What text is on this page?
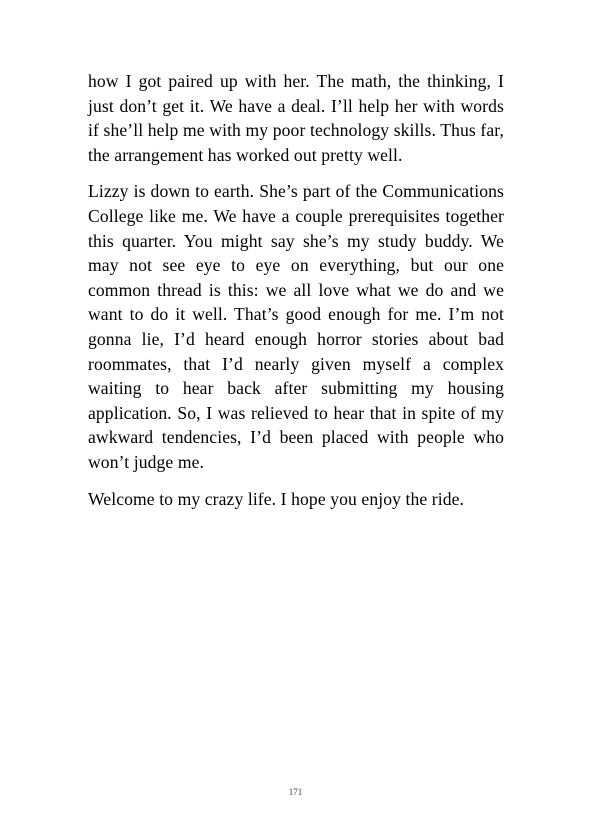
how I got paired up with her. The math, the thinking, I just don’t get it. We have a deal. I’ll help her with words if she’ll help me with my poor technology skills. Thus far, the arrangement has worked out pretty well.

Lizzy is down to earth. She’s part of the Communications College like me. We have a couple prerequisites together this quarter. You might say she’s my study buddy. We may not see eye to eye on everything, but our one common thread is this: we all love what we do and we want to do it well. That’s good enough for me. I’m not gonna lie, I’d heard enough horror stories about bad roommates, that I’d nearly given myself a complex waiting to hear back after submitting my housing application. So, I was relieved to hear that in spite of my awkward tendencies, I’d been placed with people who won’t judge me.

Welcome to my crazy life. I hope you enjoy the ride.

171
